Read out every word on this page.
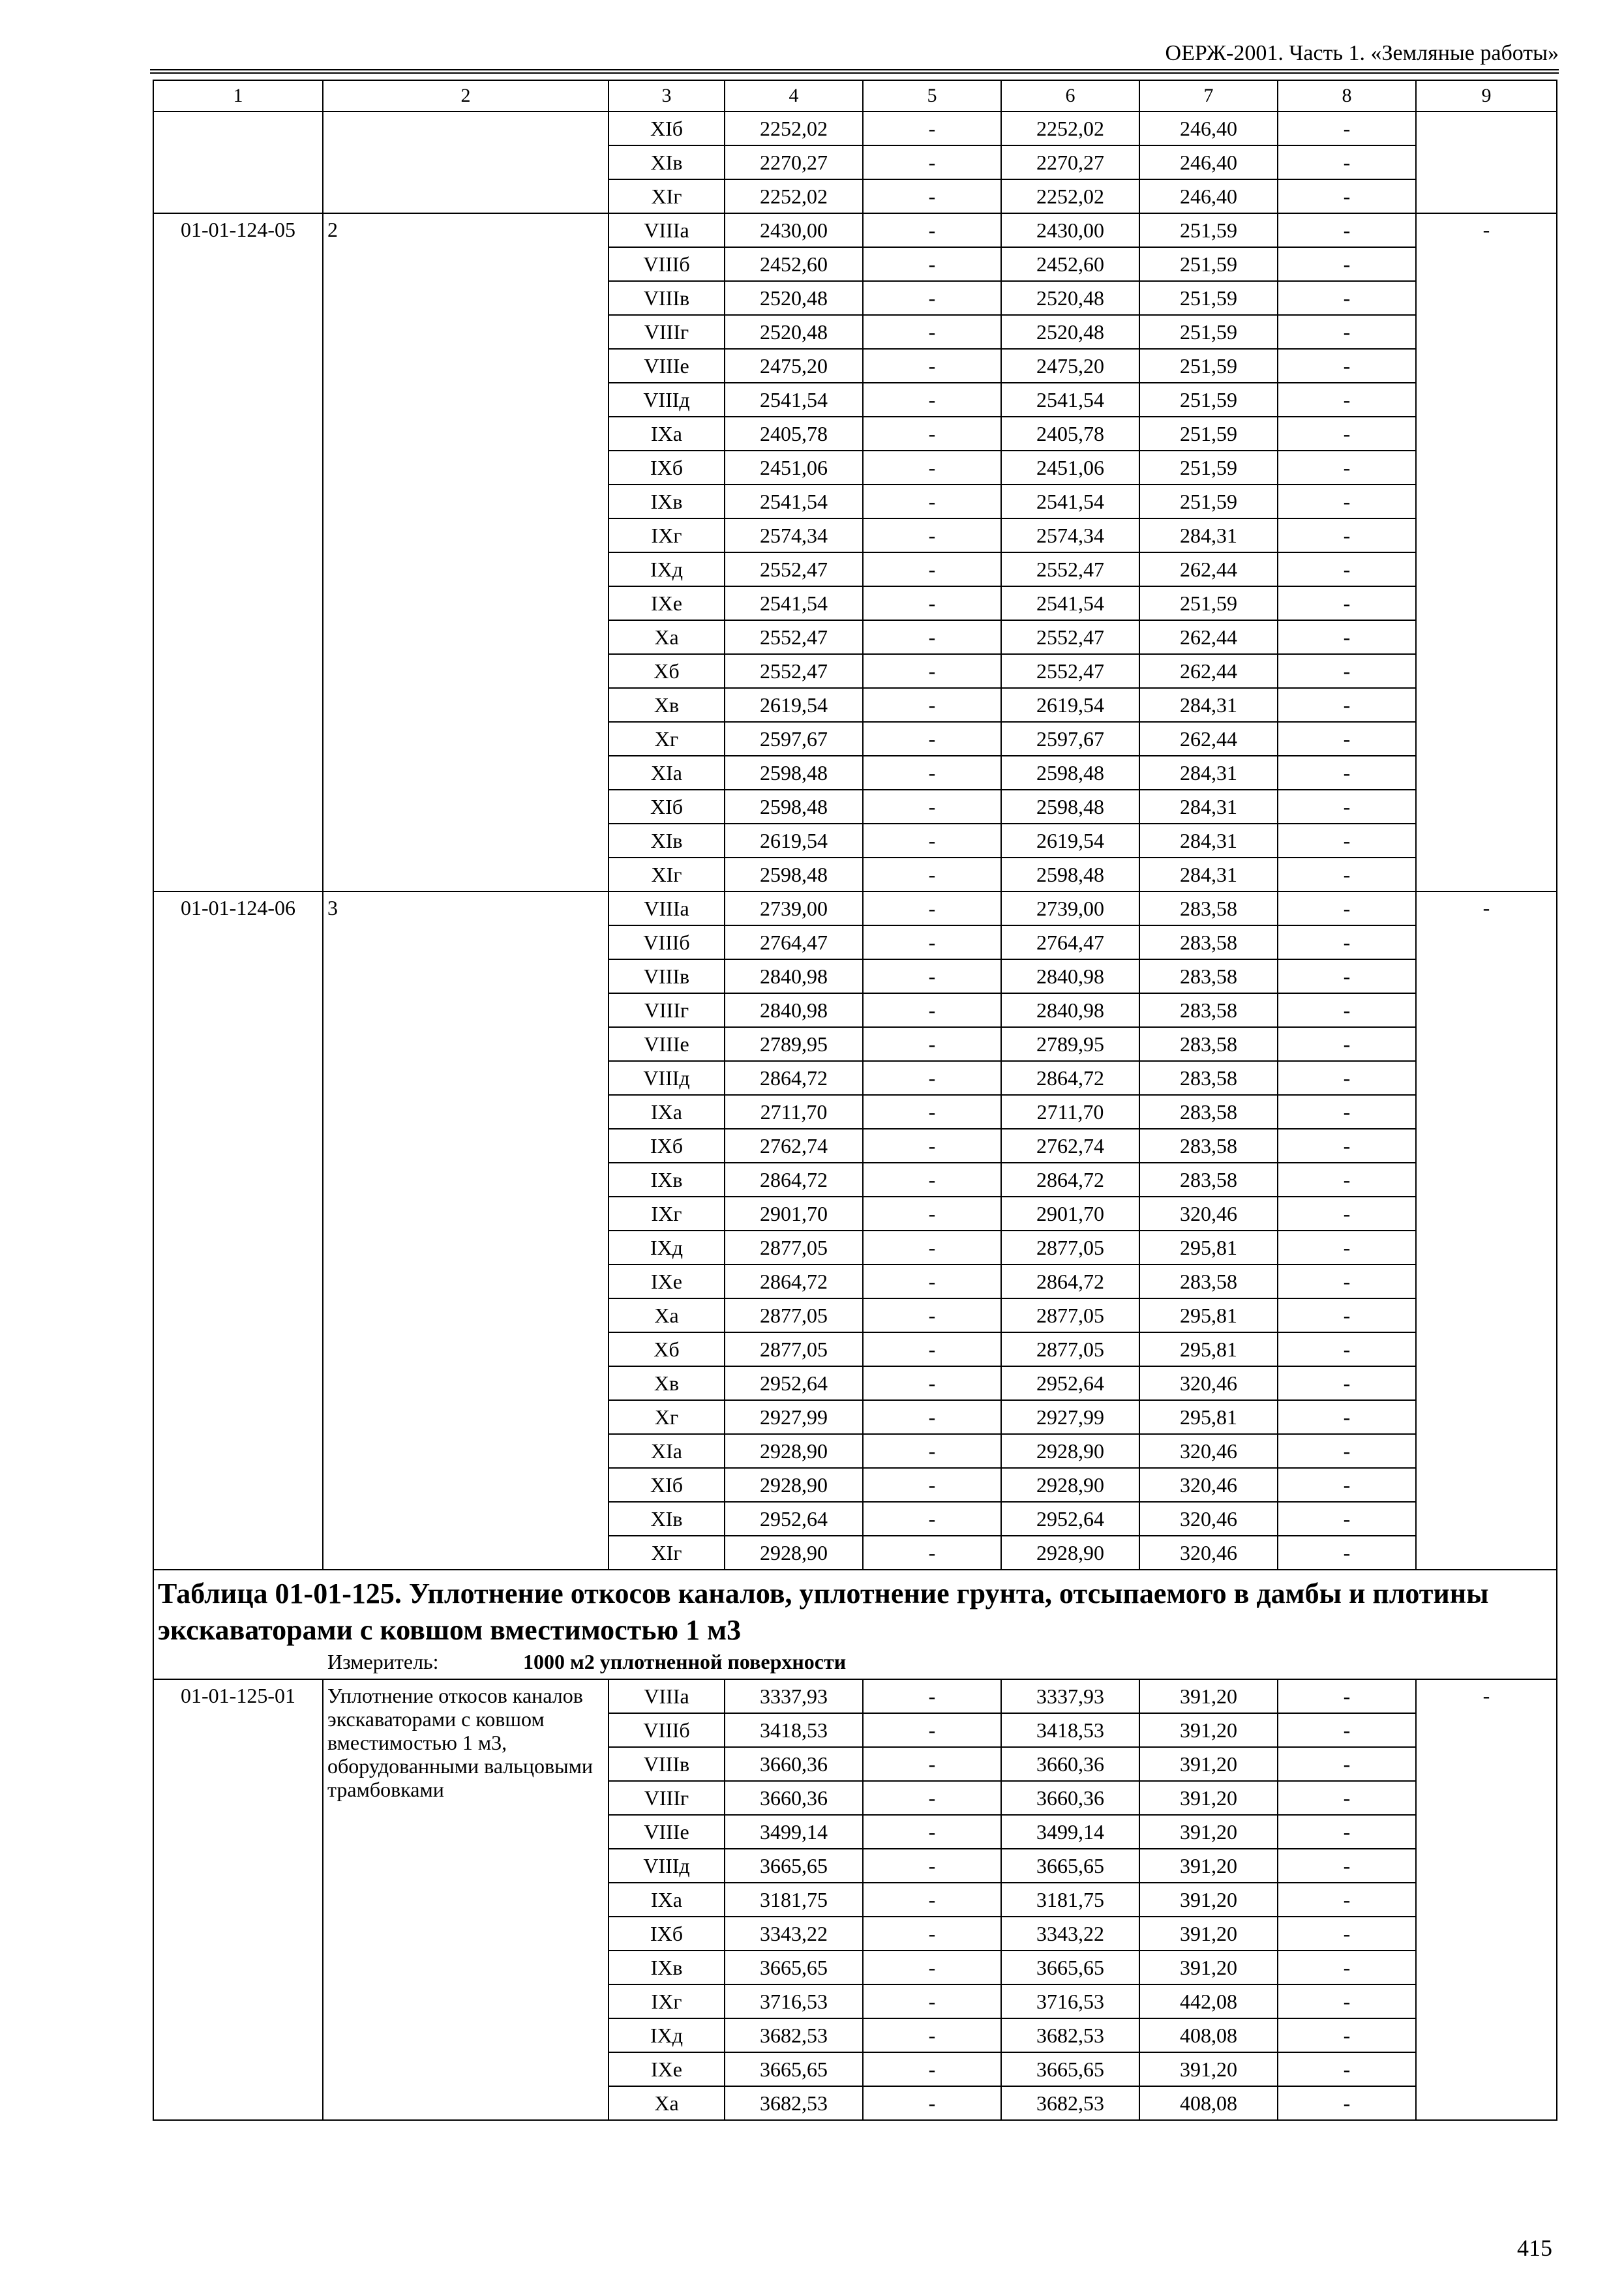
ОЕРЖ-2001. Часть 1. «Земляные работы»
1	2	3	4	5	6	7	8	9
		XIб	2252,02	-	2252,02	246,40	-	
		XIв	2270,27	-	2270,27	246,40	-	
		XIг	2252,02	-	2252,02	246,40	-	
01-01-124-05	2	VIIIа	2430,00	-	2430,00	251,59	-	-
		VIIIб	2452,60	-	2452,60	251,59	-	
		VIIIв	2520,48	-	2520,48	251,59	-	
		VIIIг	2520,48	-	2520,48	251,59	-	
		VIIIе	2475,20	-	2475,20	251,59	-	
		VIIIд	2541,54	-	2541,54	251,59	-	
		IXа	2405,78	-	2405,78	251,59	-	
		IXб	2451,06	-	2451,06	251,59	-	
		IXв	2541,54	-	2541,54	251,59	-	
		IXг	2574,34	-	2574,34	284,31	-	
		IXд	2552,47	-	2552,47	262,44	-	
		IXе	2541,54	-	2541,54	251,59	-	
		Xа	2552,47	-	2552,47	262,44	-	
		Xб	2552,47	-	2552,47	262,44	-	
		Xв	2619,54	-	2619,54	284,31	-	
		Xг	2597,67	-	2597,67	262,44	-	
		XIа	2598,48	-	2598,48	284,31	-	
		XIб	2598,48	-	2598,48	284,31	-	
		XIв	2619,54	-	2619,54	284,31	-	
		XIг	2598,48	-	2598,48	284,31	-	
01-01-124-06	3	VIIIа	2739,00	-	2739,00	283,58	-	-
		VIIIб	2764,47	-	2764,47	283,58	-	
		VIIIв	2840,98	-	2840,98	283,58	-	
		VIIIг	2840,98	-	2840,98	283,58	-	
		VIIIе	2789,95	-	2789,95	283,58	-	
		VIIIд	2864,72	-	2864,72	283,58	-	
		IXа	2711,70	-	2711,70	283,58	-	
		IXб	2762,74	-	2762,74	283,58	-	
		IXв	2864,72	-	2864,72	283,58	-	
		IXг	2901,70	-	2901,70	320,46	-	
		IXд	2877,05	-	2877,05	295,81	-	
		IXе	2864,72	-	2864,72	283,58	-	
		Xа	2877,05	-	2877,05	295,81	-	
		Xб	2877,05	-	2877,05	295,81	-	
		Xв	2952,64	-	2952,64	320,46	-	
		Xг	2927,99	-	2927,99	295,81	-	
		XIа	2928,90	-	2928,90	320,46	-	
		XIб	2928,90	-	2928,90	320,46	-	
		XIв	2952,64	-	2952,64	320,46	-	
		XIг	2928,90	-	2928,90	320,46	-	

Таблица 01-01-125. Уплотнение откосов каналов, уплотнение грунта, отсыпаемого в дамбы и плотины экскаваторами с ковшом вместимостью 1 м3
Измеритель: 1000 м2 уплотненной поверхности								

01-01-125-01	Уплотнение откосов каналов экскаваторами с ковшом вместимостью 1 м3, оборудованными вальцовыми трамбовками	VIIIа	3337,93	-	3337,93	391,20	-	-
		VIIIб	3418,53	-	3418,53	391,20	-	
		VIIIв	3660,36	-	3660,36	391,20	-	
		VIIIг	3660,36	-	3660,36	391,20	-	
		VIIIе	3499,14	-	3499,14	391,20	-	
		VIIIд	3665,65	-	3665,65	391,20	-	
		IXа	3181,75	-	3181,75	391,20	-	
		IXб	3343,22	-	3343,22	391,20	-	
		IXв	3665,65	-	3665,65	391,20	-	
		IXг	3716,53	-	3716,53	442,08	-	
		IXд	3682,53	-	3682,53	408,08	-	
		IXе	3665,65	-	3665,65	391,20	-	
		Xа	3682,53	-	3682,53	408,08	-	
415
